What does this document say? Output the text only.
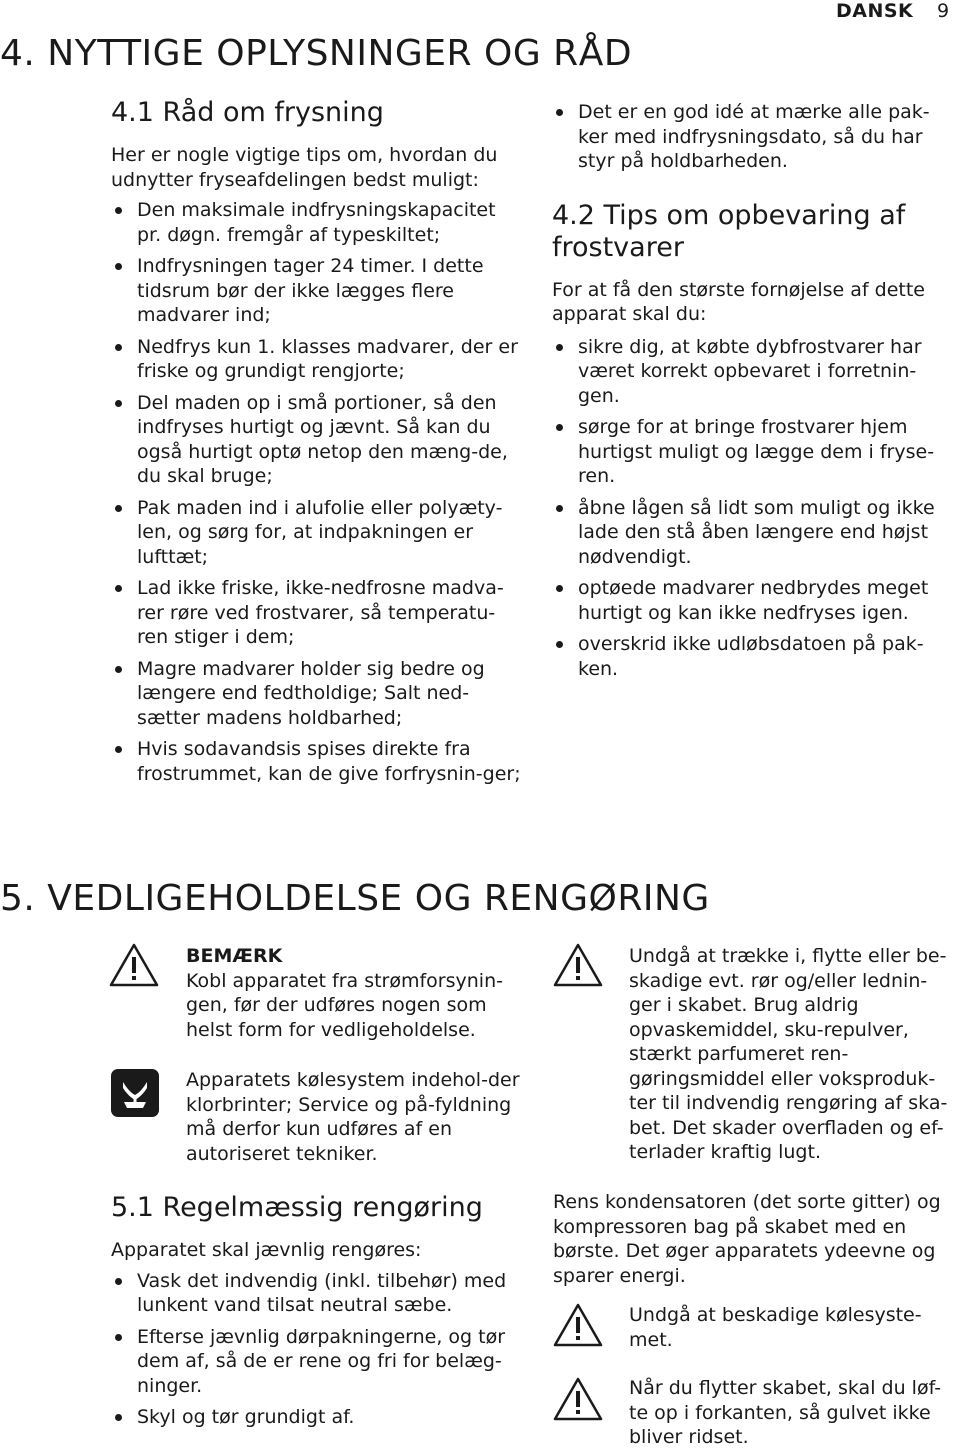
DANSK 9
4. NYTTIGE OPLYSNINGER OG RÅD
4.1 Råd om frysning

Her er nogle vigtige tips om, hvordan du udnytter fryseafdelingen bedst muligt:

Den maksimale indfrysningskapacitet pr. døgn. fremgår af typeskiltet;
Indfrysningen tager 24 timer. I dette tidsrum bør der ikke lægges flere madvarer ind;
Nedfrys kun 1. klasses madvarer, der er friske og grundigt rengjorte;
Del maden op i små portioner, så den indfryses hurtigt og jævnt. Så kan du også hurtigt optø netop den mæng-de, du skal bruge;
Pak maden ind i alufolie eller polyæty-len, og sørg for, at indpakningen er lufttæt;
Lad ikke friske, ikke-nedfrosne madva-rer røre ved frostvarer, så temperatu-ren stiger i dem;
Magre madvarer holder sig bedre og længere end fedtholdige; Salt ned-sætter madens holdbarhed;
Hvis sodavandsis spises direkte fra frostrummet, kan de give forfrysnin-ger;
Det er en god idé at mærke alle pak-ker med indfrysningsdato, så du har styr på holdbarheden.
4.2 Tips om opbevaring af frostvarer

For at få den største fornøjelse af dette apparat skal du:

sikre dig, at købte dybfrostvarer har været korrekt opbevaret i forretnin-gen.
sørge for at bringe frostvarer hjem hurtigst muligt og lægge dem i fryse-ren.
åbne lågen så lidt som muligt og ikke lade den stå åben længere end højst nødvendigt.
optøede madvarer nedbrydes meget hurtigt og kan ikke nedfryses igen.
overskrid ikke udløbsdatoen på pak-ken.
5. VEDLIGEHOLDELSE OG RENGØRING

BEMÆRK

Kobl apparatet fra strømforsynin-gen, før der udføres nogen som helst form for vedligeholdelse.

Apparatets kølesystem indehol-der klorbrinter; Service og på-fyldning må derfor kun udføres af en autoriseret tekniker.

5.1 Regelmæssig rengøring

Apparatet skal jævnlig rengøres:

Vask det indvendig (inkl. tilbehør) med lunkent vand tilsat neutral sæbe.
Efterse jævnlig dørpakningerne, og tør dem af, så de er rene og fri for belæg-ninger.
Skyl og tør grundigt af.

Undgå at trække i, flytte eller be-skadige evt. rør og/eller lednin-ger i skabet. Brug aldrig opvaskemiddel, sku-repulver, stærkt parfumeret ren-gøringsmiddel eller voksproduk-ter til indvendig rengøring af ska-bet. Det skader overfladen og ef-terlader kraftig lugt.

Rens kondensatoren (det sorte gitter) og kompressoren bag på skabet med en børste. Det øger apparatets ydeevne og sparer energi.

Undgå at beskadige kølesyste-met.

Når du flytter skabet, skal du løf-te op i forkanten, så gulvet ikke bliver ridset.
